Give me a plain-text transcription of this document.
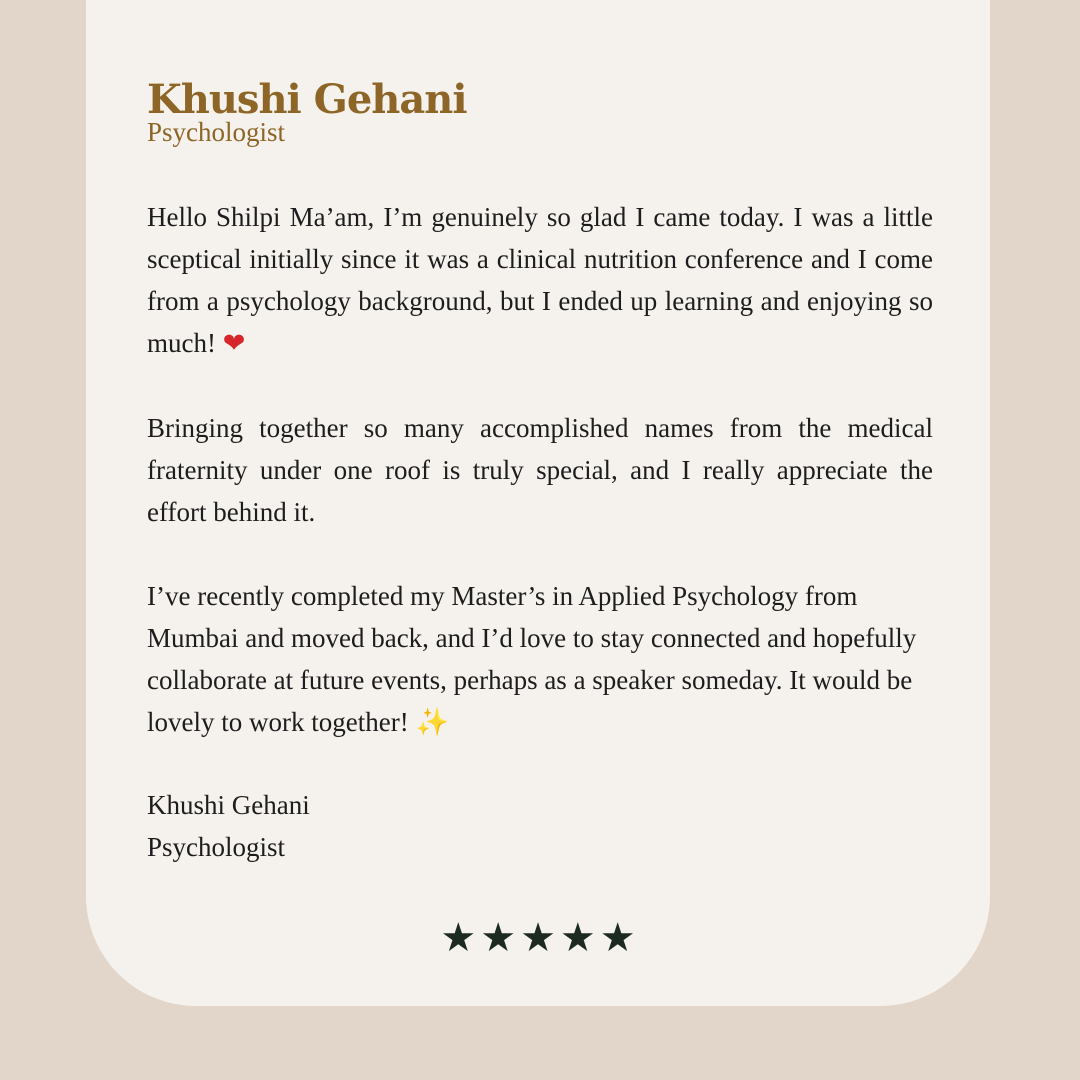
Khushi Gehani
Psychologist

Hello Shilpi Ma’am, I’m genuinely so glad I came today. I was a little sceptical initially since it was a clinical nutrition conference and I come from a psychology background, but I ended up learning and enjoying so much! ❤

Bringing together so many accomplished names from the medical fraternity under one roof is truly special, and I really appreciate the effort behind it.

I’ve recently completed my Master’s in Applied Psychology from Mumbai and moved back, and I’d love to stay connected and hopefully collaborate at future events, perhaps as a speaker someday. It would be lovely to work together! ✨

Khushi Gehani
Psychologist
★★★★★
